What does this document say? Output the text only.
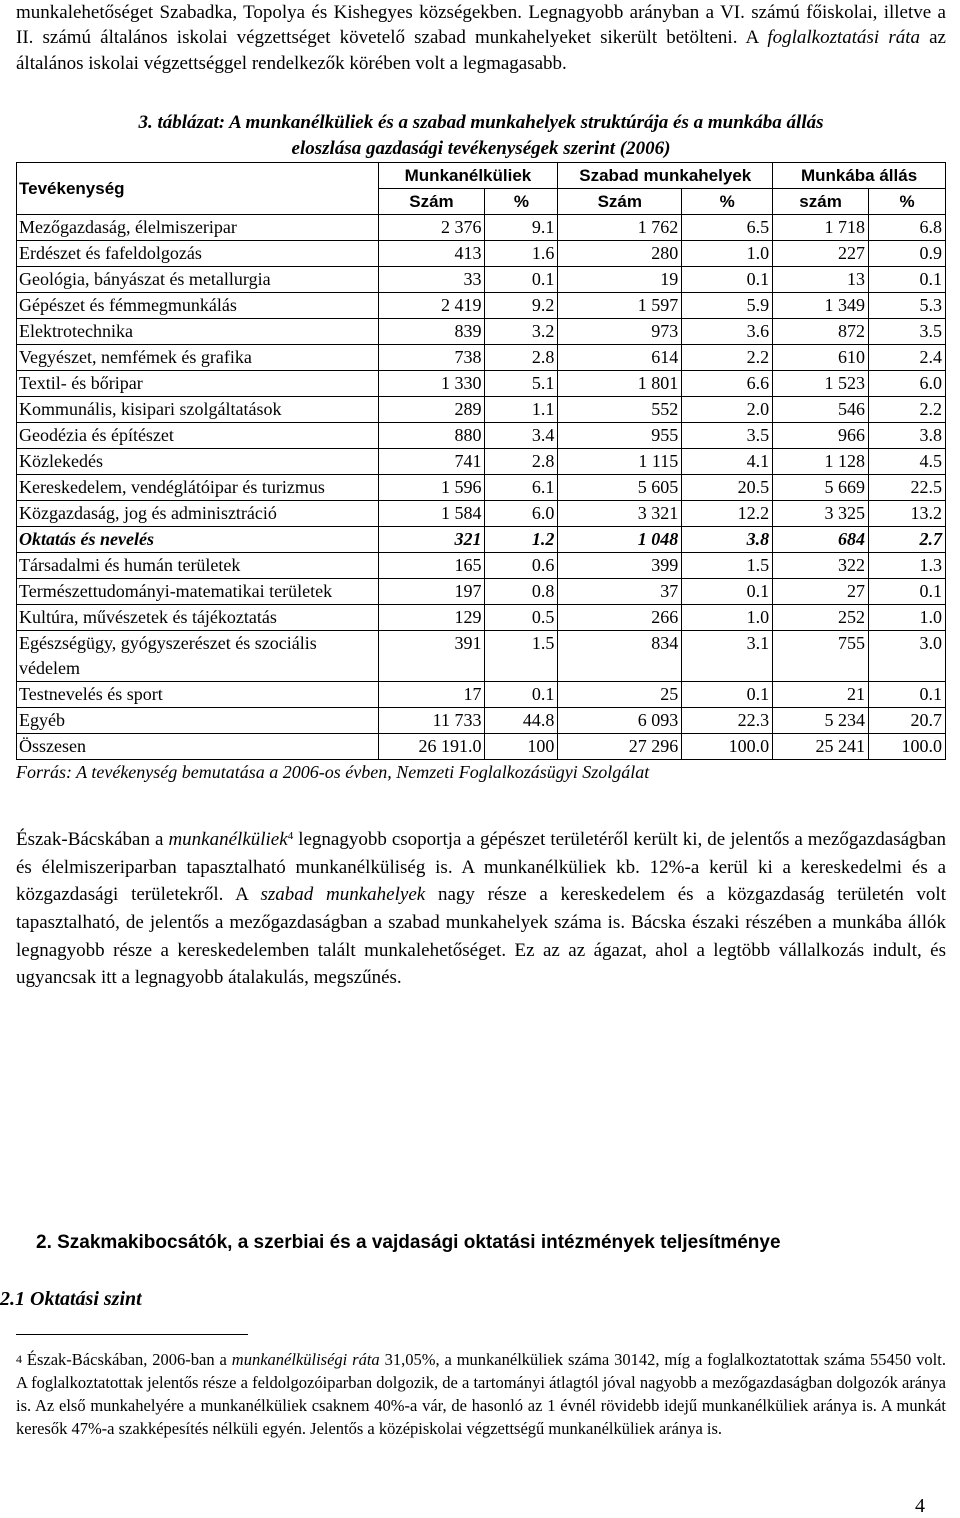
munkalehetőséget Szabadka, Topolya és Kishegyes községekben. Legnagyobb arányban a VI. számú főiskolai, illetve a II. számú általános iskolai végzettséget követelő szabad munkahelyeket sikerült betölteni. A foglalkoztatási ráta az általános iskolai végzettséggel rendelkezők körében volt a legmagasabb.

3. táblázat: A munkanélküliek és a szabad munkahelyek struktúrája és a munkába állás
eloszlása gazdasági tevékenységek szerint (2006)
Tevékenység	Munkanélküliek		Szabad munkahelyek		Munkába állás	
	Szám	%	Szám	%	szám	%
Mezőgazdaság, élelmiszeripar	2 376	9.1	1 762	6.5	1 718	6.8
Erdészet és fafeldolgozás	413	1.6	280	1.0	227	0.9
Geológia, bányászat és metallurgia	33	0.1	19	0.1	13	0.1
Gépészet és fémmegmunkálás	2 419	9.2	1 597	5.9	1 349	5.3
Elektrotechnika	839	3.2	973	3.6	872	3.5
Vegyészet, nemfémek és grafika	738	2.8	614	2.2	610	2.4
Textil- és bőripar	1 330	5.1	1 801	6.6	1 523	6.0
Kommunális, kisipari szolgáltatások	289	1.1	552	2.0	546	2.2
Geodézia és építészet	880	3.4	955	3.5	966	3.8
Közlekedés	741	2.8	1 115	4.1	1 128	4.5
Kereskedelem, vendéglátóipar és turizmus	1 596	6.1	5 605	20.5	5 669	22.5
Közgazdaság, jog és adminisztráció	1 584	6.0	3 321	12.2	3 325	13.2
Oktatás és nevelés	321	1.2	1 048	3.8	684	2.7
Társadalmi és humán területek	165	0.6	399	1.5	322	1.3
Természettudományi-matematikai területek	197	0.8	37	0.1	27	0.1
Kultúra, művészetek és tájékoztatás	129	0.5	266	1.0	252	1.0
Egészségügy, gyógyszerészet és szociális védelem	391	1.5	834	3.1	755	3.0
Testnevelés és sport	17	0.1	25	0.1	21	0.1
Egyéb	11 733	44.8	6 093	22.3	5 234	20.7
Összesen	26 191.0	100	27 296	100.0	25 241	100.0

Forrás: A tevékenység bemutatása a 2006-os évben, Nemzeti Foglalkozásügyi Szolgálat

Észak-Bácskában a munkanélküliek$^4$ legnagyobb csoportja a gépészet területéről került ki, de jelentős a mezőgazdaságban és élelmiszeriparban tapasztalható munkanélküliség is. A munkanélküliek kb. 12%-a kerül ki a kereskedelmi és a közgazdasági területekről. A szabad munkahelyek nagy része a kereskedelem és a közgazdaság területén volt tapasztalható, de jelentős a mezőgazdaságban a szabad munkahelyek száma is. Bácska északi részében a munkába állók legnagyobb része a kereskedelemben talált munkalehetőséget. Ez az az ágazat, ahol a legtöbb vállalkozás indult, és ugyancsak itt a legnagyobb átalakulás, megszűnés.

2. Szakmakibocsátók, a szerbiai és a vajdasági oktatási intézmények teljesítménye
2.1 Oktatási szint

$^4$ Észak-Bácskában, 2006-ban a munkanélküliségi ráta 31,05%, a munkanélküliek száma 30142, míg a foglalkoztatottak száma 55450 volt. A foglalkoztatottak jelentős része a feldolgozóiparban dolgozik, de a tartományi átlagtól jóval nagyobb a mezőgazdaságban dolgozók aránya is. Az első munkahelyére a munkanélküliek csaknem 40%-a vár, de hasonló az 1 évnél rövidebb idejű munkanélküliek aránya is. A munkát keresők 47%-a szakképesítés nélküli egyén. Jelentős a középiskolai végzettségű munkanélküliek aránya is.

4
